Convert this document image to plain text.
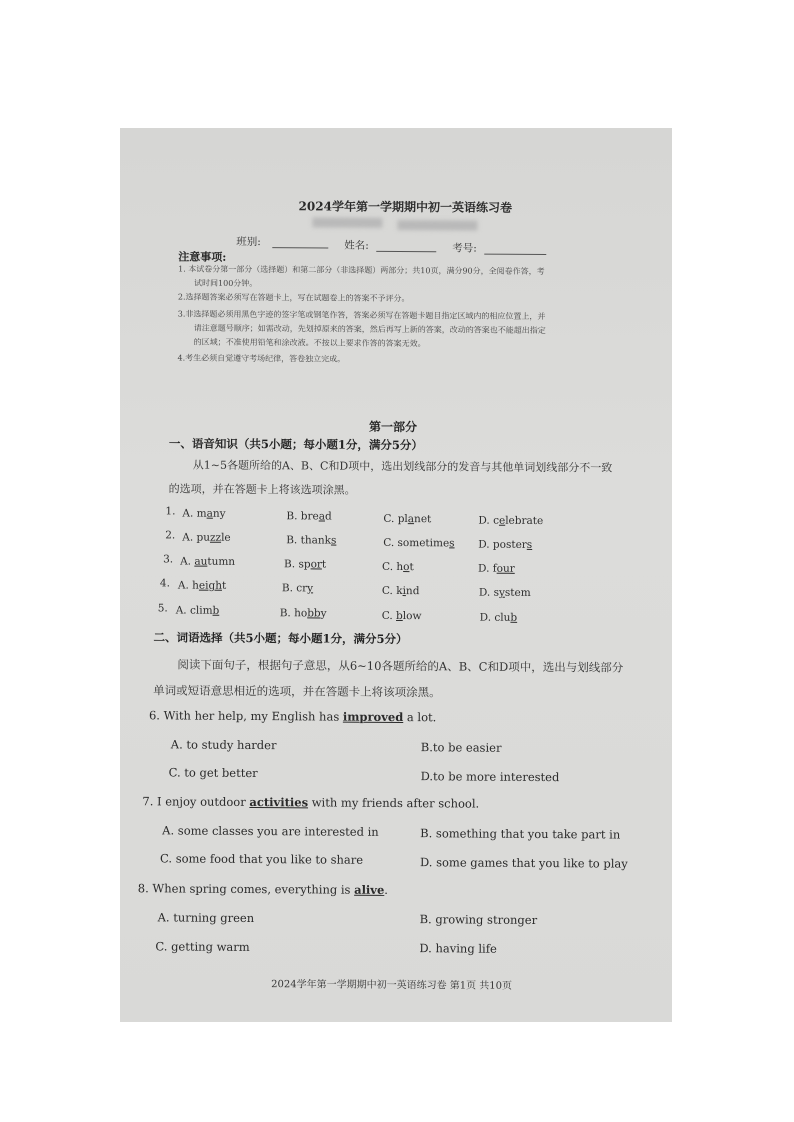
2024学年第一学期期中初一英语练习卷
班别:	姓名:	考号:
注意事项:
1. 本试卷分第一部分（选择题）和第二部分（非选择题）两部分；共10页，满分90分，全阅卷作答，考
试时间100分钟。
2.选择题答案必须写在答题卡上，写在试题卷上的答案不予评分。
3.非选择题必须用黑色字迹的签字笔或钢笔作答，答案必须写在答题卡题目指定区域内的相应位置上，并
请注意题号顺序；如需改动，先划掉原来的答案，然后再写上新的答案，改动的答案也不能超出指定
的区域；不准使用铅笔和涂改液。不按以上要求作答的答案无效。
4.考生必须自觉遵守考场纪律，答卷独立完成。
第一部分
一、语音知识（共5小题；每小题1分，满分5分）
从1~5各题所给的A、B、C和D项中，选出划线部分的发音与其他单词划线部分不一致
的选项，并在答题卡上将该选项涂黑。
1. A. many	B. bread	C. planet	D. celebrate
2. A. puzzle	B. thanks	C. sometimes D. posters
3. A. autumn	B. sport	C. hot	D. four
4. A. height	B. cry	C. kind	D. system
5. A. climb	B. hobby	C. blow	D. club
二、词语选择（共5小题；每小题1分，满分5分）
阅读下面句子，根据句子意思，从6~10各题所给的A、B、C和D项中，选出与划线部分
单词或短语意思相近的选项，并在答题卡上将该项涂黑。
6. With her help, my English has improved a lot.
A. to study harder	B.to be easier
C. to get better	D.to be more interested
7. I enjoy outdoor activities with my friends after school.
A. some classes you are interested in	B. something that you take part in
C. some food that you like to share	D. some games that you like to play
8. When spring comes, everything is alive.
A. turning green	B. growing stronger
C. getting warm	D. having life
2024学年第一学期期中初一英语练习卷 第1页 共10页
